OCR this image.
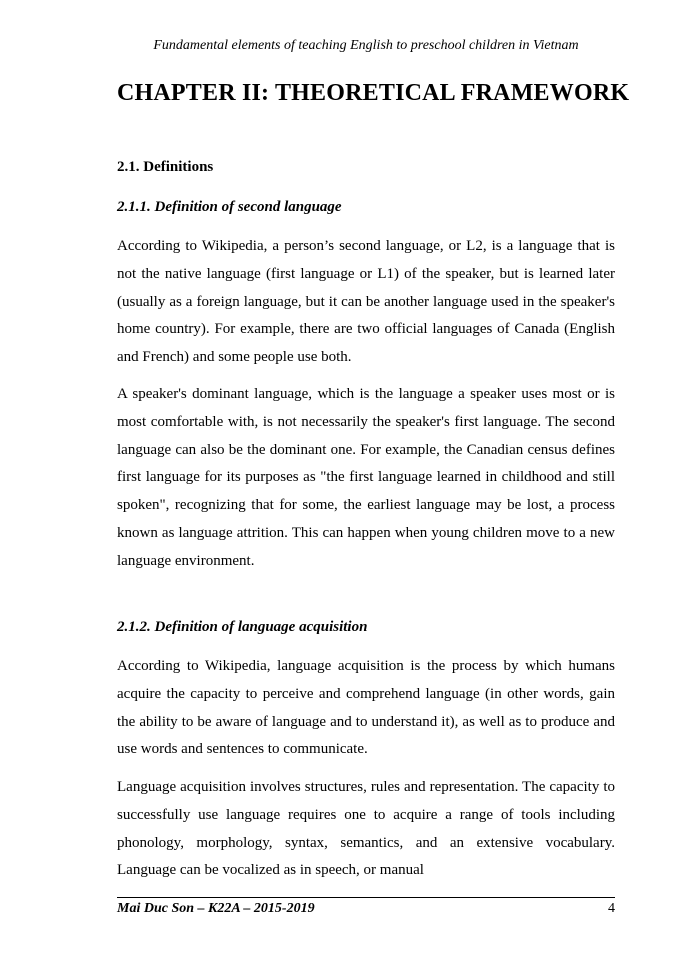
Fundamental elements of teaching English to preschool children in Vietnam
CHAPTER II: THEORETICAL FRAMEWORK
2.1. Definitions
2.1.1. Definition of second language

According to Wikipedia, a person’s second language, or L2, is a language that is not the native language (first language or L1) of the speaker, but is learned later (usually as a foreign language, but it can be another language used in the speaker's home country). For example, there are two official languages of Canada (English and French) and some people use both.

A speaker's dominant language, which is the language a speaker uses most or is most comfortable with, is not necessarily the speaker's first language. The second language can also be the dominant one. For example, the Canadian census defines first language for its purposes as "the first language learned in childhood and still spoken", recognizing that for some, the earliest language may be lost, a process known as language attrition. This can happen when young children move to a new language environment.

2.1.2. Definition of language acquisition

According to Wikipedia, language acquisition is the process by which humans acquire the capacity to perceive and comprehend language (in other words, gain the ability to be aware of language and to understand it), as well as to produce and use words and sentences to communicate.

Language acquisition involves structures, rules and representation. The capacity to successfully use language requires one to acquire a range of tools including phonology, morphology, syntax, semantics, and an extensive vocabulary. Language can be vocalized as in speech, or manual

Mai Duc Son – K22A – 2015-2019	4
